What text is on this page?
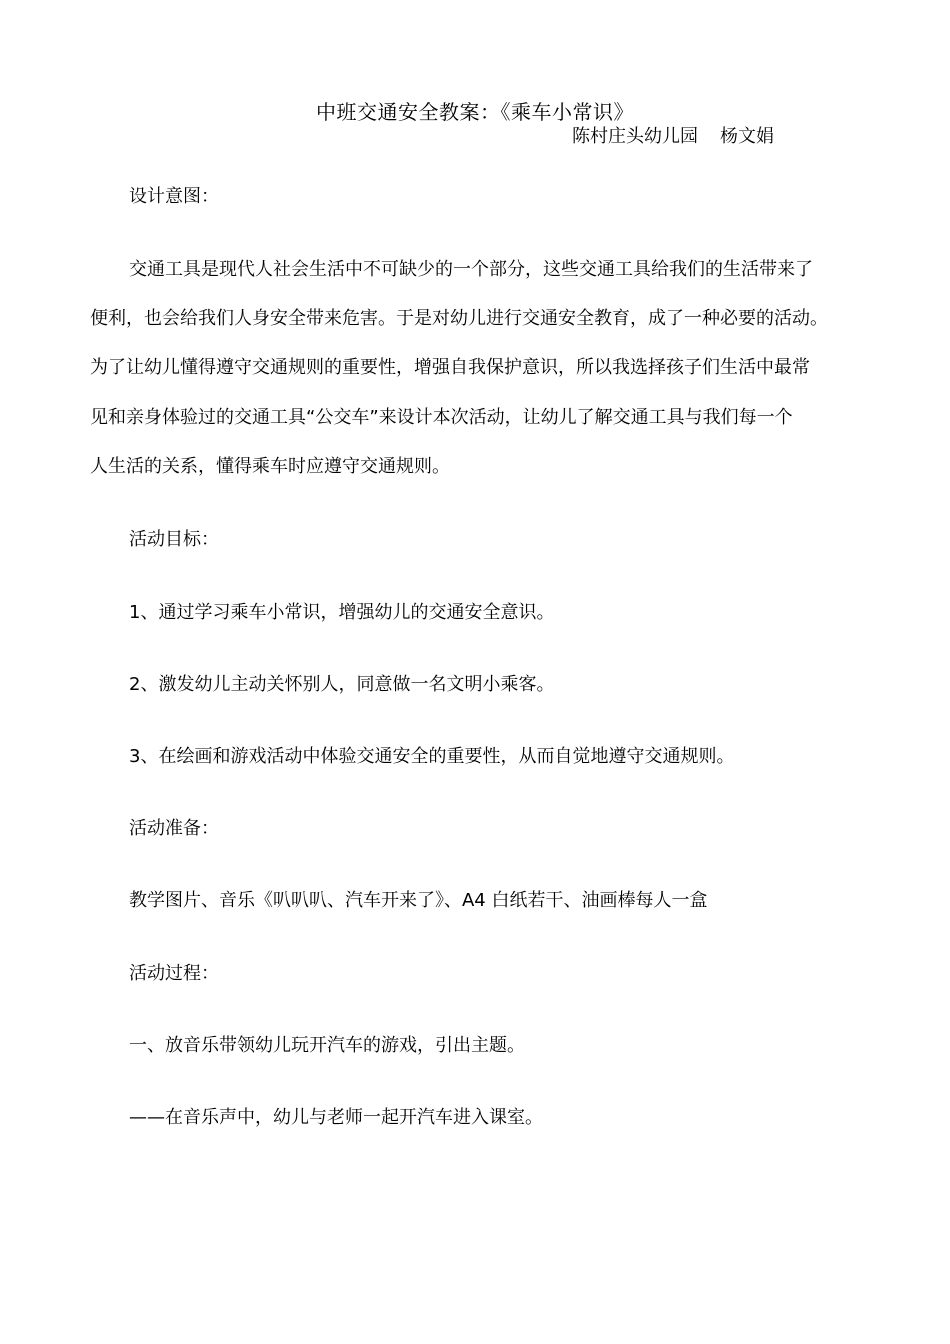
中班交通安全教案：《乘车小常识》
陈村庄头幼儿园 杨文娟
设计意图：
交通工具是现代人社会生活中不可缺少的一个部分，这些交通工具给我们的生活带来了
便利，也会给我们人身安全带来危害。于是对幼儿进行交通安全教育，成了一种必要的活动。
为了让幼儿懂得遵守交通规则的重要性，增强自我保护意识，所以我选择孩子们生活中最常
见和亲身体验过的交通工具“公交车”来设计本次活动，让幼儿了解交通工具与我们每一个
人生活的关系，懂得乘车时应遵守交通规则。
活动目标：
1、通过学习乘车小常识，增强幼儿的交通安全意识。
2、激发幼儿主动关怀别人，同意做一名文明小乘客。
3、在绘画和游戏活动中体验交通安全的重要性，从而自觉地遵守交通规则。
活动准备：
教学图片、音乐《叭叭叭、汽车开来了》、A4 白纸若干、油画棒每人一盒
活动过程：
一、放音乐带领幼儿玩开汽车的游戏，引出主题。
——在音乐声中，幼儿与老师一起开汽车进入课室。
